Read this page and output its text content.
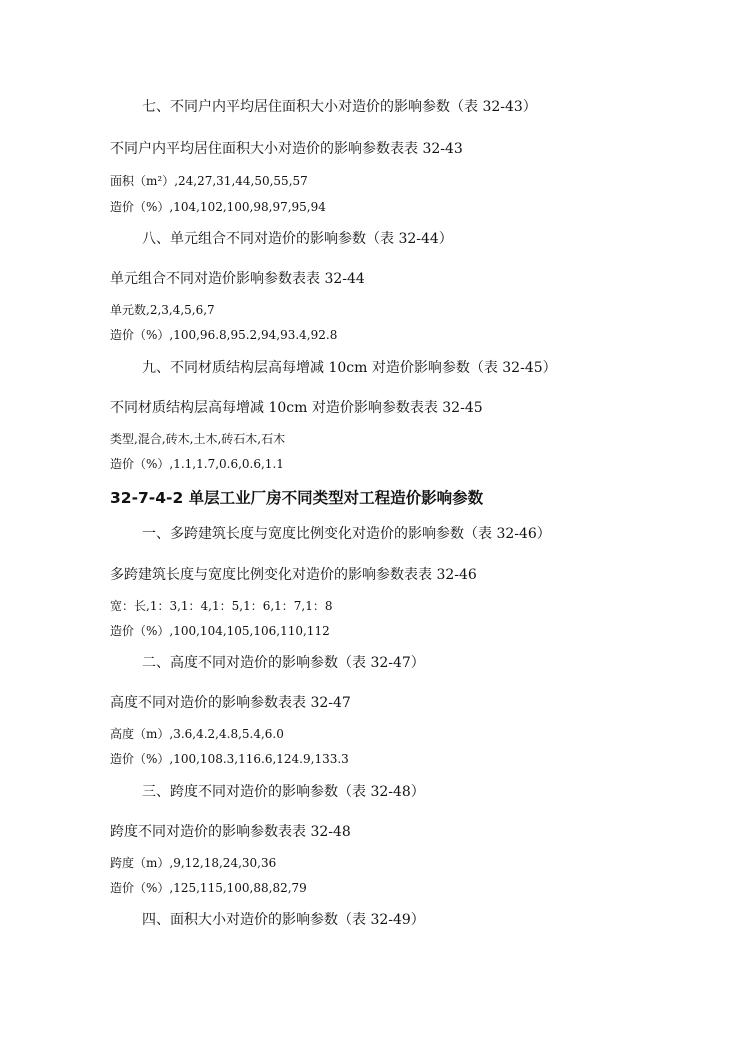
七、不同户内平均居住面积大小对造价的影响参数（表 32-43）
不同户内平均居住面积大小对造价的影响参数表表 32-43
面积（m²）,24,27,31,44,50,55,57
造价（%）,104,102,100,98,97,95,94
八、单元组合不同对造价的影响参数（表 32-44）
单元组合不同对造价影响参数表表 32-44
单元数,2,3,4,5,6,7
造价（%）,100,96.8,95.2,94,93.4,92.8
九、不同材质结构层高每增减 10cm 对造价影响参数（表 32-45）
不同材质结构层高每增减 10cm 对造价影响参数表表 32-45
类型,混合,砖木,土木,砖石木,石木
造价（%）,1.1,1.7,0.6,0.6,1.1
32-7-4-2 单层工业厂房不同类型对工程造价影响参数
一、多跨建筑长度与宽度比例变化对造价的影响参数（表 32-46）
多跨建筑长度与宽度比例变化对造价的影响参数表表 32-46
宽：长,1：3,1：4,1：5,1：6,1：7,1：8
造价（%）,100,104,105,106,110,112
二、高度不同对造价的影响参数（表 32-47）
高度不同对造价的影响参数表表 32-47
高度（m）,3.6,4.2,4.8,5.4,6.0
造价（%）,100,108.3,116.6,124.9,133.3
三、跨度不同对造价的影响参数（表 32-48）
跨度不同对造价的影响参数表表 32-48
跨度（m）,9,12,18,24,30,36
造价（%）,125,115,100,88,82,79
四、面积大小对造价的影响参数（表 32-49）
